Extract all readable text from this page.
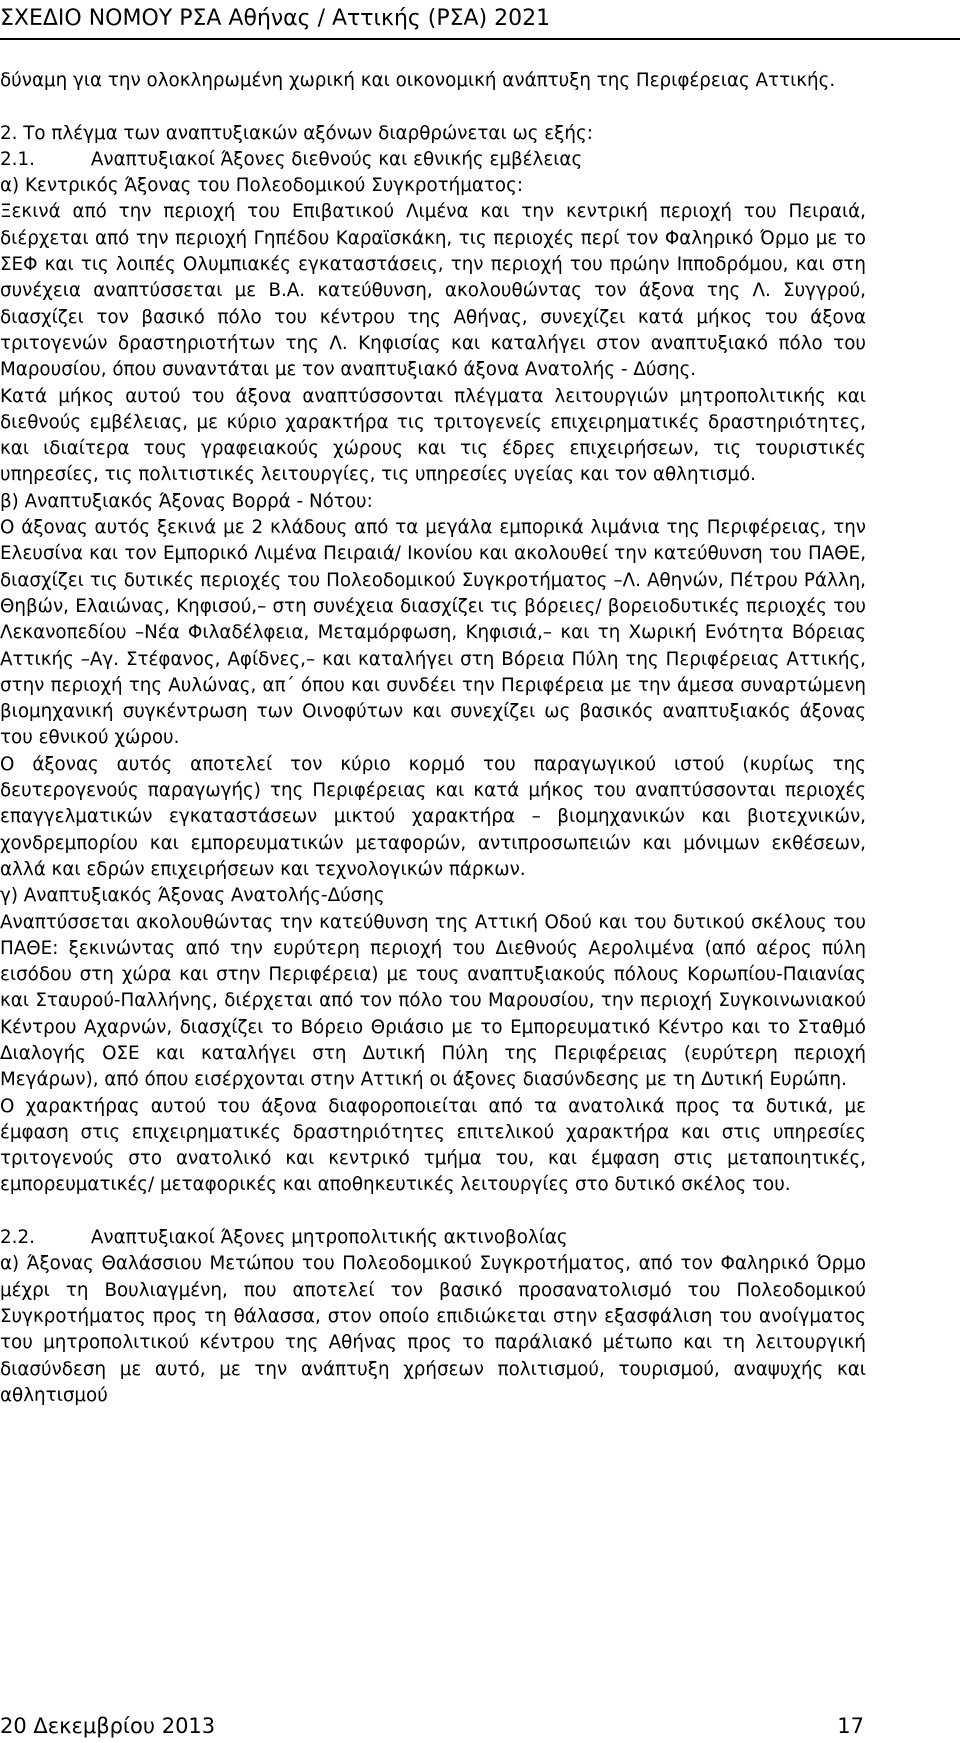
ΣΧΕΔΙΟ ΝΟΜΟΥ ΡΣΑ Αθήνας / Αττικής (ΡΣΑ) 2021

δύναμη για την ολοκληρωμένη χωρική και οικονομική ανάπτυξη της Περιφέρειας Αττικής.

2. Το πλέγμα των αναπτυξιακών αξόνων διαρθρώνεται ως εξής:

2.1.	Αναπτυξιακοί Άξονες διεθνούς και εθνικής εμβέλειας

α) Κεντρικός Άξονας του Πολεοδομικού Συγκροτήματος:

Ξεκινά από την περιοχή του Επιβατικού Λιμένα και την κεντρική περιοχή του Πειραιά, διέρχεται από την περιοχή Γηπέδου Καραϊσκάκη, τις περιοχές περί τον Φαληρικό Όρμο με το ΣΕΦ και τις λοιπές Ολυμπιακές εγκαταστάσεις, την περιοχή του πρώην Ιπποδρόμου, και στη συνέχεια αναπτύσσεται με Β.Α. κατεύθυνση, ακολουθώντας τον άξονα της Λ. Συγγρού, διασχίζει τον βασικό πόλο του κέντρου της Αθήνας, συνεχίζει κατά μήκος του άξονα τριτογενών δραστηριοτήτων της Λ. Κηφισίας και καταλήγει στον αναπτυξιακό πόλο του Μαρουσίου, όπου συναντάται με τον αναπτυξιακό άξονα Ανατολής - Δύσης.

Κατά μήκος αυτού του άξονα αναπτύσσονται πλέγματα λειτουργιών μητροπολιτικής και διεθνούς εμβέλειας, με κύριο χαρακτήρα τις τριτογενείς επιχειρηματικές δραστηριότητες, και ιδιαίτερα τους γραφειακούς χώρους και τις έδρες επιχειρήσεων, τις τουριστικές υπηρεσίες, τις πολιτιστικές λειτουργίες, τις υπηρεσίες υγείας και τον αθλητισμό.

β) Αναπτυξιακός Άξονας Βορρά - Νότου:

Ο άξονας αυτός ξεκινά με 2 κλάδους από τα μεγάλα εμπορικά λιμάνια της Περιφέρειας, την Ελευσίνα και τον Εμπορικό Λιμένα Πειραιά/ Ικονίου και ακολουθεί την κατεύθυνση του ΠΑΘΕ, διασχίζει τις δυτικές περιοχές του Πολεοδομικού Συγκροτήματος –Λ. Αθηνών, Πέτρου Ράλλη, Θηβών, Ελαιώνας, Κηφισού,– στη συνέχεια διασχίζει τις βόρειες/ βορειοδυτικές περιοχές του Λεκανοπεδίου –Νέα Φιλαδέλφεια, Μεταμόρφωση, Κηφισιά,– και τη Χωρική Ενότητα Βόρειας Αττικής –Αγ. Στέφανος, Αφίδνες,– και καταλήγει στη Βόρεια Πύλη της Περιφέρειας Αττικής, στην περιοχή της Αυλώνας, απ΄ όπου και συνδέει την Περιφέρεια με την άμεσα συναρτώμενη βιομηχανική συγκέντρωση των Οινοφύτων και συνεχίζει ως βασικός αναπτυξιακός άξονας του εθνικού χώρου.

Ο άξονας αυτός αποτελεί τον κύριο κορμό του παραγωγικού ιστού (κυρίως της δευτερογενούς παραγωγής) της Περιφέρειας και κατά μήκος του αναπτύσσονται περιοχές επαγγελματικών εγκαταστάσεων μικτού χαρακτήρα – βιομηχανικών και βιοτεχνικών, χονδρεμπορίου και εμπορευματικών μεταφορών, αντιπροσωπειών και μόνιμων εκθέσεων, αλλά και εδρών επιχειρήσεων και τεχνολογικών πάρκων.

γ) Αναπτυξιακός Άξονας Ανατολής-Δύσης

Αναπτύσσεται ακολουθώντας την κατεύθυνση της Αττική Οδού και του δυτικού σκέλους του ΠΑΘΕ: ξεκινώντας από την ευρύτερη περιοχή του Διεθνούς Αερολιμένα (από αέρος πύλη εισόδου στη χώρα και στην Περιφέρεια) με τους αναπτυξιακούς πόλους Κορωπίου-Παιανίας και Σταυρού-Παλλήνης, διέρχεται από τον πόλο του Μαρουσίου, την περιοχή Συγκοινωνιακού Κέντρου Αχαρνών, διασχίζει το Βόρειο Θριάσιο με το Εμπορευματικό Κέντρο και το Σταθμό Διαλογής ΟΣΕ και καταλήγει στη Δυτική Πύλη της Περιφέρειας (ευρύτερη περιοχή Μεγάρων), από όπου εισέρχονται στην Αττική οι άξονες διασύνδεσης με τη Δυτική Ευρώπη.

Ο χαρακτήρας αυτού του άξονα διαφοροποιείται από τα ανατολικά προς τα δυτικά, με έμφαση στις επιχειρηματικές δραστηριότητες επιτελικού χαρακτήρα και στις υπηρεσίες τριτογενούς στο ανατολικό και κεντρικό τμήμα του, και έμφαση στις μεταποιητικές, εμπορευματικές/ μεταφορικές και αποθηκευτικές λειτουργίες στο δυτικό σκέλος του.

2.2.	Αναπτυξιακοί Άξονες μητροπολιτικής ακτινοβολίας

α) Άξονας Θαλάσσιου Μετώπου του Πολεοδομικού Συγκροτήματος, από τον Φαληρικό Όρμο μέχρι τη Βουλιαγμένη, που αποτελεί τον βασικό προσανατολισμό του Πολεοδομικού Συγκροτήματος προς τη θάλασσα, στον οποίο επιδιώκεται στην εξασφάλιση του ανοίγματος του μητροπολιτικού κέντρου της Αθήνας προς το παράλιακό μέτωπο και τη λειτουργική διασύνδεση με αυτό, με την ανάπτυξη χρήσεων πολιτισμού, τουρισμού, αναψυχής και αθλητισμού

20 Δεκεμβρίου 2013	17
